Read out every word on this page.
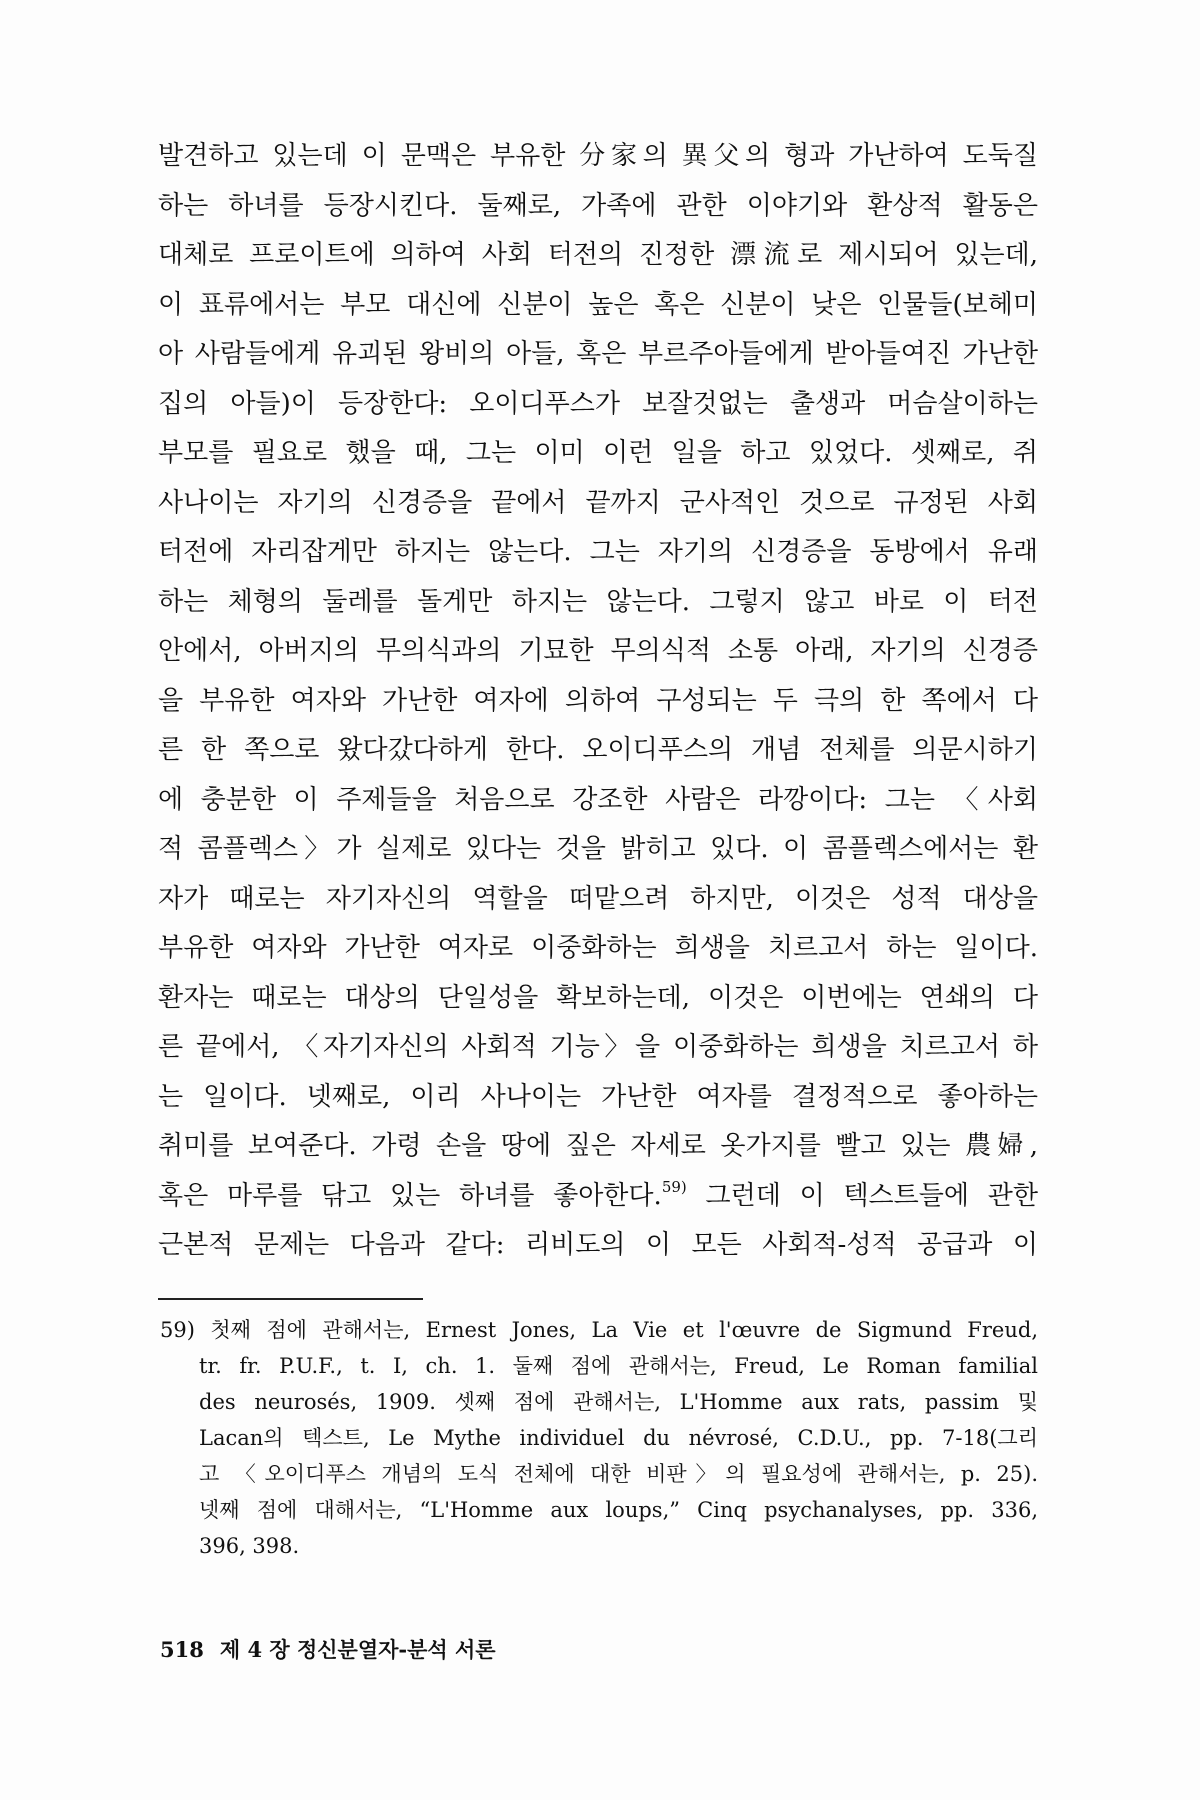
발견하고 있는데 이 문맥은 부유한 分家의 異父의 형과 가난하여 도둑질
하는 하녀를 등장시킨다. 둘째로, 가족에 관한 이야기와 환상적 활동은
대체로 프로이트에 의하여 사회 터전의 진정한 漂流로 제시되어 있는데,
이 표류에서는 부모 대신에 신분이 높은 혹은 신분이 낮은 인물들(보헤미
아 사람들에게 유괴된 왕비의 아들, 혹은 부르주아들에게 받아들여진 가난한
집의 아들)이 등장한다: 오이디푸스가 보잘것없는 출생과 머슴살이하는
부모를 필요로 했을 때, 그는 이미 이런 일을 하고 있었다. 셋째로, 쥐
사나이는 자기의 신경증을 끝에서 끝까지 군사적인 것으로 규정된 사회
터전에 자리잡게만 하지는 않는다. 그는 자기의 신경증을 동방에서 유래
하는 체형의 둘레를 돌게만 하지는 않는다. 그렇지 않고 바로 이 터전
안에서, 아버지의 무의식과의 기묘한 무의식적 소통 아래, 자기의 신경증
을 부유한 여자와 가난한 여자에 의하여 구성되는 두 극의 한 쪽에서 다
른 한 쪽으로 왔다갔다하게 한다. 오이디푸스의 개념 전체를 의문시하기
에 충분한 이 주제들을 처음으로 강조한 사람은 라깡이다: 그는 〈사회
적 콤플렉스〉가 실제로 있다는 것을 밝히고 있다. 이 콤플렉스에서는 환
자가 때로는 자기자신의 역할을 떠맡으려 하지만, 이것은 성적 대상을
부유한 여자와 가난한 여자로 이중화하는 희생을 치르고서 하는 일이다.
환자는 때로는 대상의 단일성을 확보하는데, 이것은 이번에는 연쇄의 다
른 끝에서, 〈자기자신의 사회적 기능〉을 이중화하는 희생을 치르고서 하
는 일이다. 넷째로, 이리 사나이는 가난한 여자를 결정적으로 좋아하는
취미를 보여준다. 가령 손을 땅에 짚은 자세로 옷가지를 빨고 있는 農婦,
혹은 마루를 닦고 있는 하녀를 좋아한다.$^{59)}$ 그런데 이 텍스트들에 관한
근본적 문제는 다음과 같다: 리비도의 이 모든 사회적-성적 공급과 이
59) 첫째 점에 관해서는, Ernest Jones, La Vie et l'œuvre de Sigmund Freud,
tr. fr. P.U.F., t. I, ch. 1. 둘째 점에 관해서는, Freud, Le Roman familial
des neurosés, 1909. 셋째 점에 관해서는, L'Homme aux rats, passim 및
Lacan의 텍스트, Le Mythe individuel du névrosé, C.D.U., pp. 7-18(그리
고 〈오이디푸스 개념의 도식 전체에 대한 비판〉의 필요성에 관해서는, p. 25).
넷째 점에 대해서는, “L'Homme aux loups,” Cinq psychanalyses, pp. 336,
396, 398.
518 제 4 장 정신분열자-분석 서론
